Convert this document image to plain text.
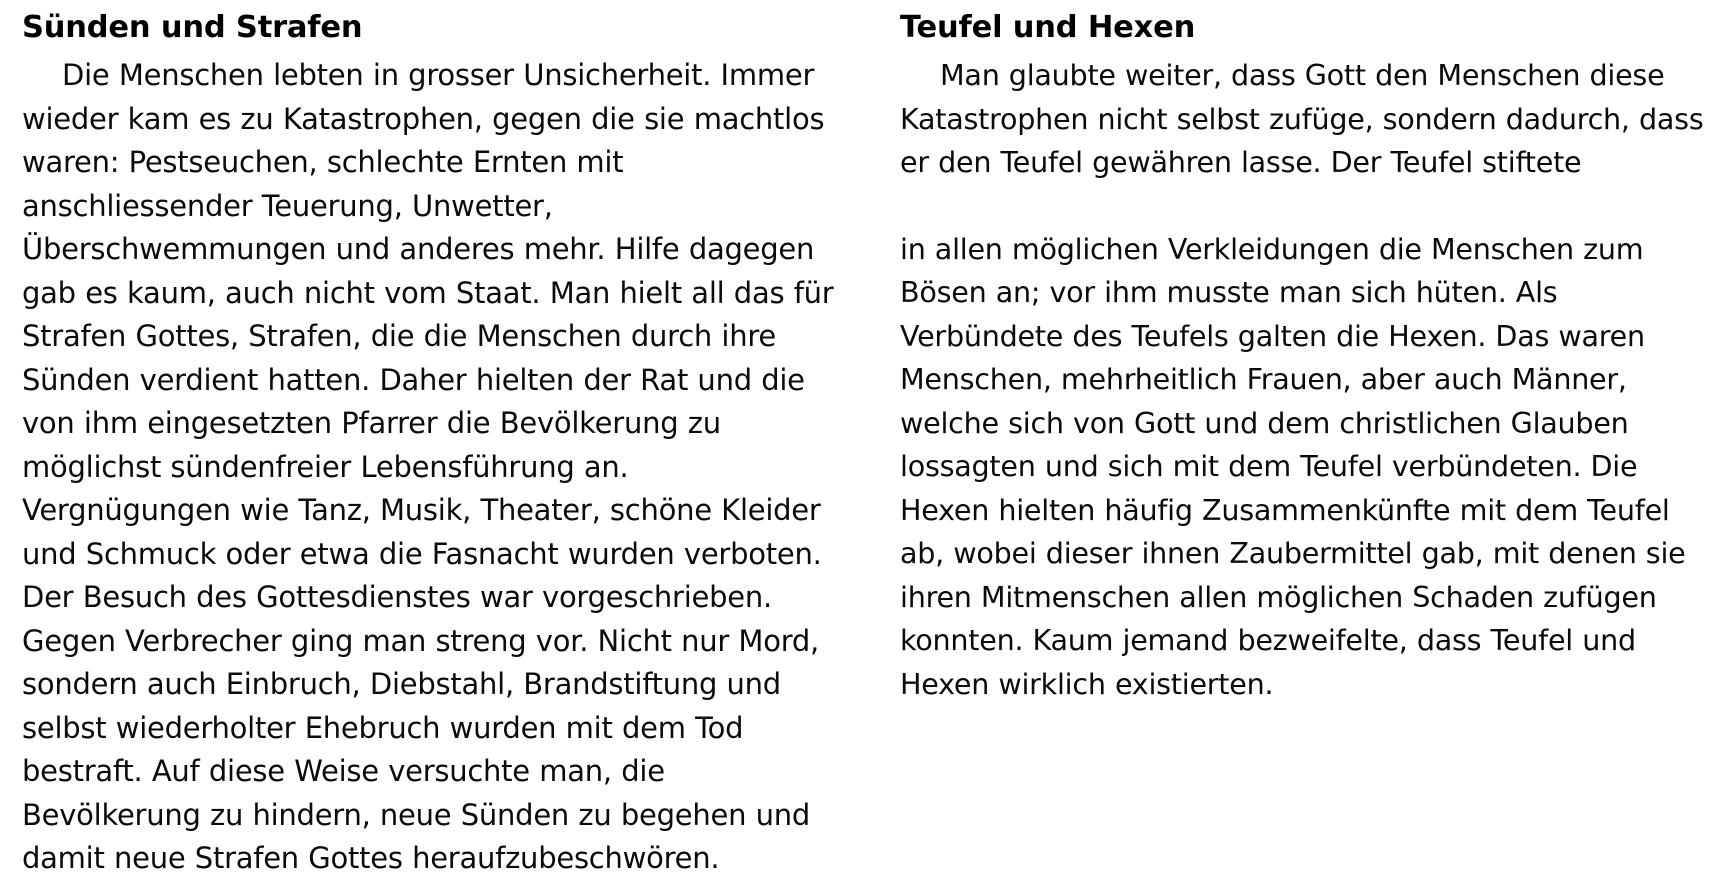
Sünden und Strafen

Die Menschen lebten in grosser Unsicherheit. Immer wieder kam es zu Katastrophen, gegen die sie machtlos waren: Pestseuchen, schlechte Ernten mit anschliessender Teuerung, Unwetter, Überschwemmungen und anderes mehr. Hilfe dagegen gab es kaum, auch nicht vom Staat. Man hielt all das für Strafen Gottes, Strafen, die die Menschen durch ihre Sünden verdient hatten. Daher hielten der Rat und die von ihm eingesetzten Pfarrer die Bevölkerung zu möglichst sündenfreier Lebensführung an. Vergnügungen wie Tanz, Musik, Theater, schöne Kleider und Schmuck oder etwa die Fasnacht wurden verboten. Der Besuch des Gottesdienstes war vorgeschrieben. Gegen Verbrecher ging man streng vor. Nicht nur Mord, sondern auch Einbruch, Diebstahl, Brandstiftung und selbst wiederholter Ehebruch wurden mit dem Tod bestraft. Auf diese Weise versuchte man, die Bevölkerung zu hindern, neue Sünden zu begehen und damit neue Strafen Gottes heraufzubeschwören.

Teufel und Hexen

Man glaubte weiter, dass Gott den Menschen diese Katastrophen nicht selbst zufüge, sondern dadurch, dass er den Teufel gewähren lasse. Der Teufel stiftete

in allen möglichen Verkleidungen die Menschen zum Bösen an; vor ihm musste man sich hüten. Als Verbündete des Teufels galten die Hexen. Das waren Menschen, mehrheitlich Frauen, aber auch Männer, welche sich von Gott und dem christlichen Glauben lossagten und sich mit dem Teufel verbündeten. Die Hexen hielten häufig Zusammenkünfte mit dem Teufel ab, wobei dieser ihnen Zaubermittel gab, mit denen sie ihren Mitmenschen allen möglichen Schaden zufügen konnten. Kaum jemand bezweifelte, dass Teufel und Hexen wirklich existierten.
